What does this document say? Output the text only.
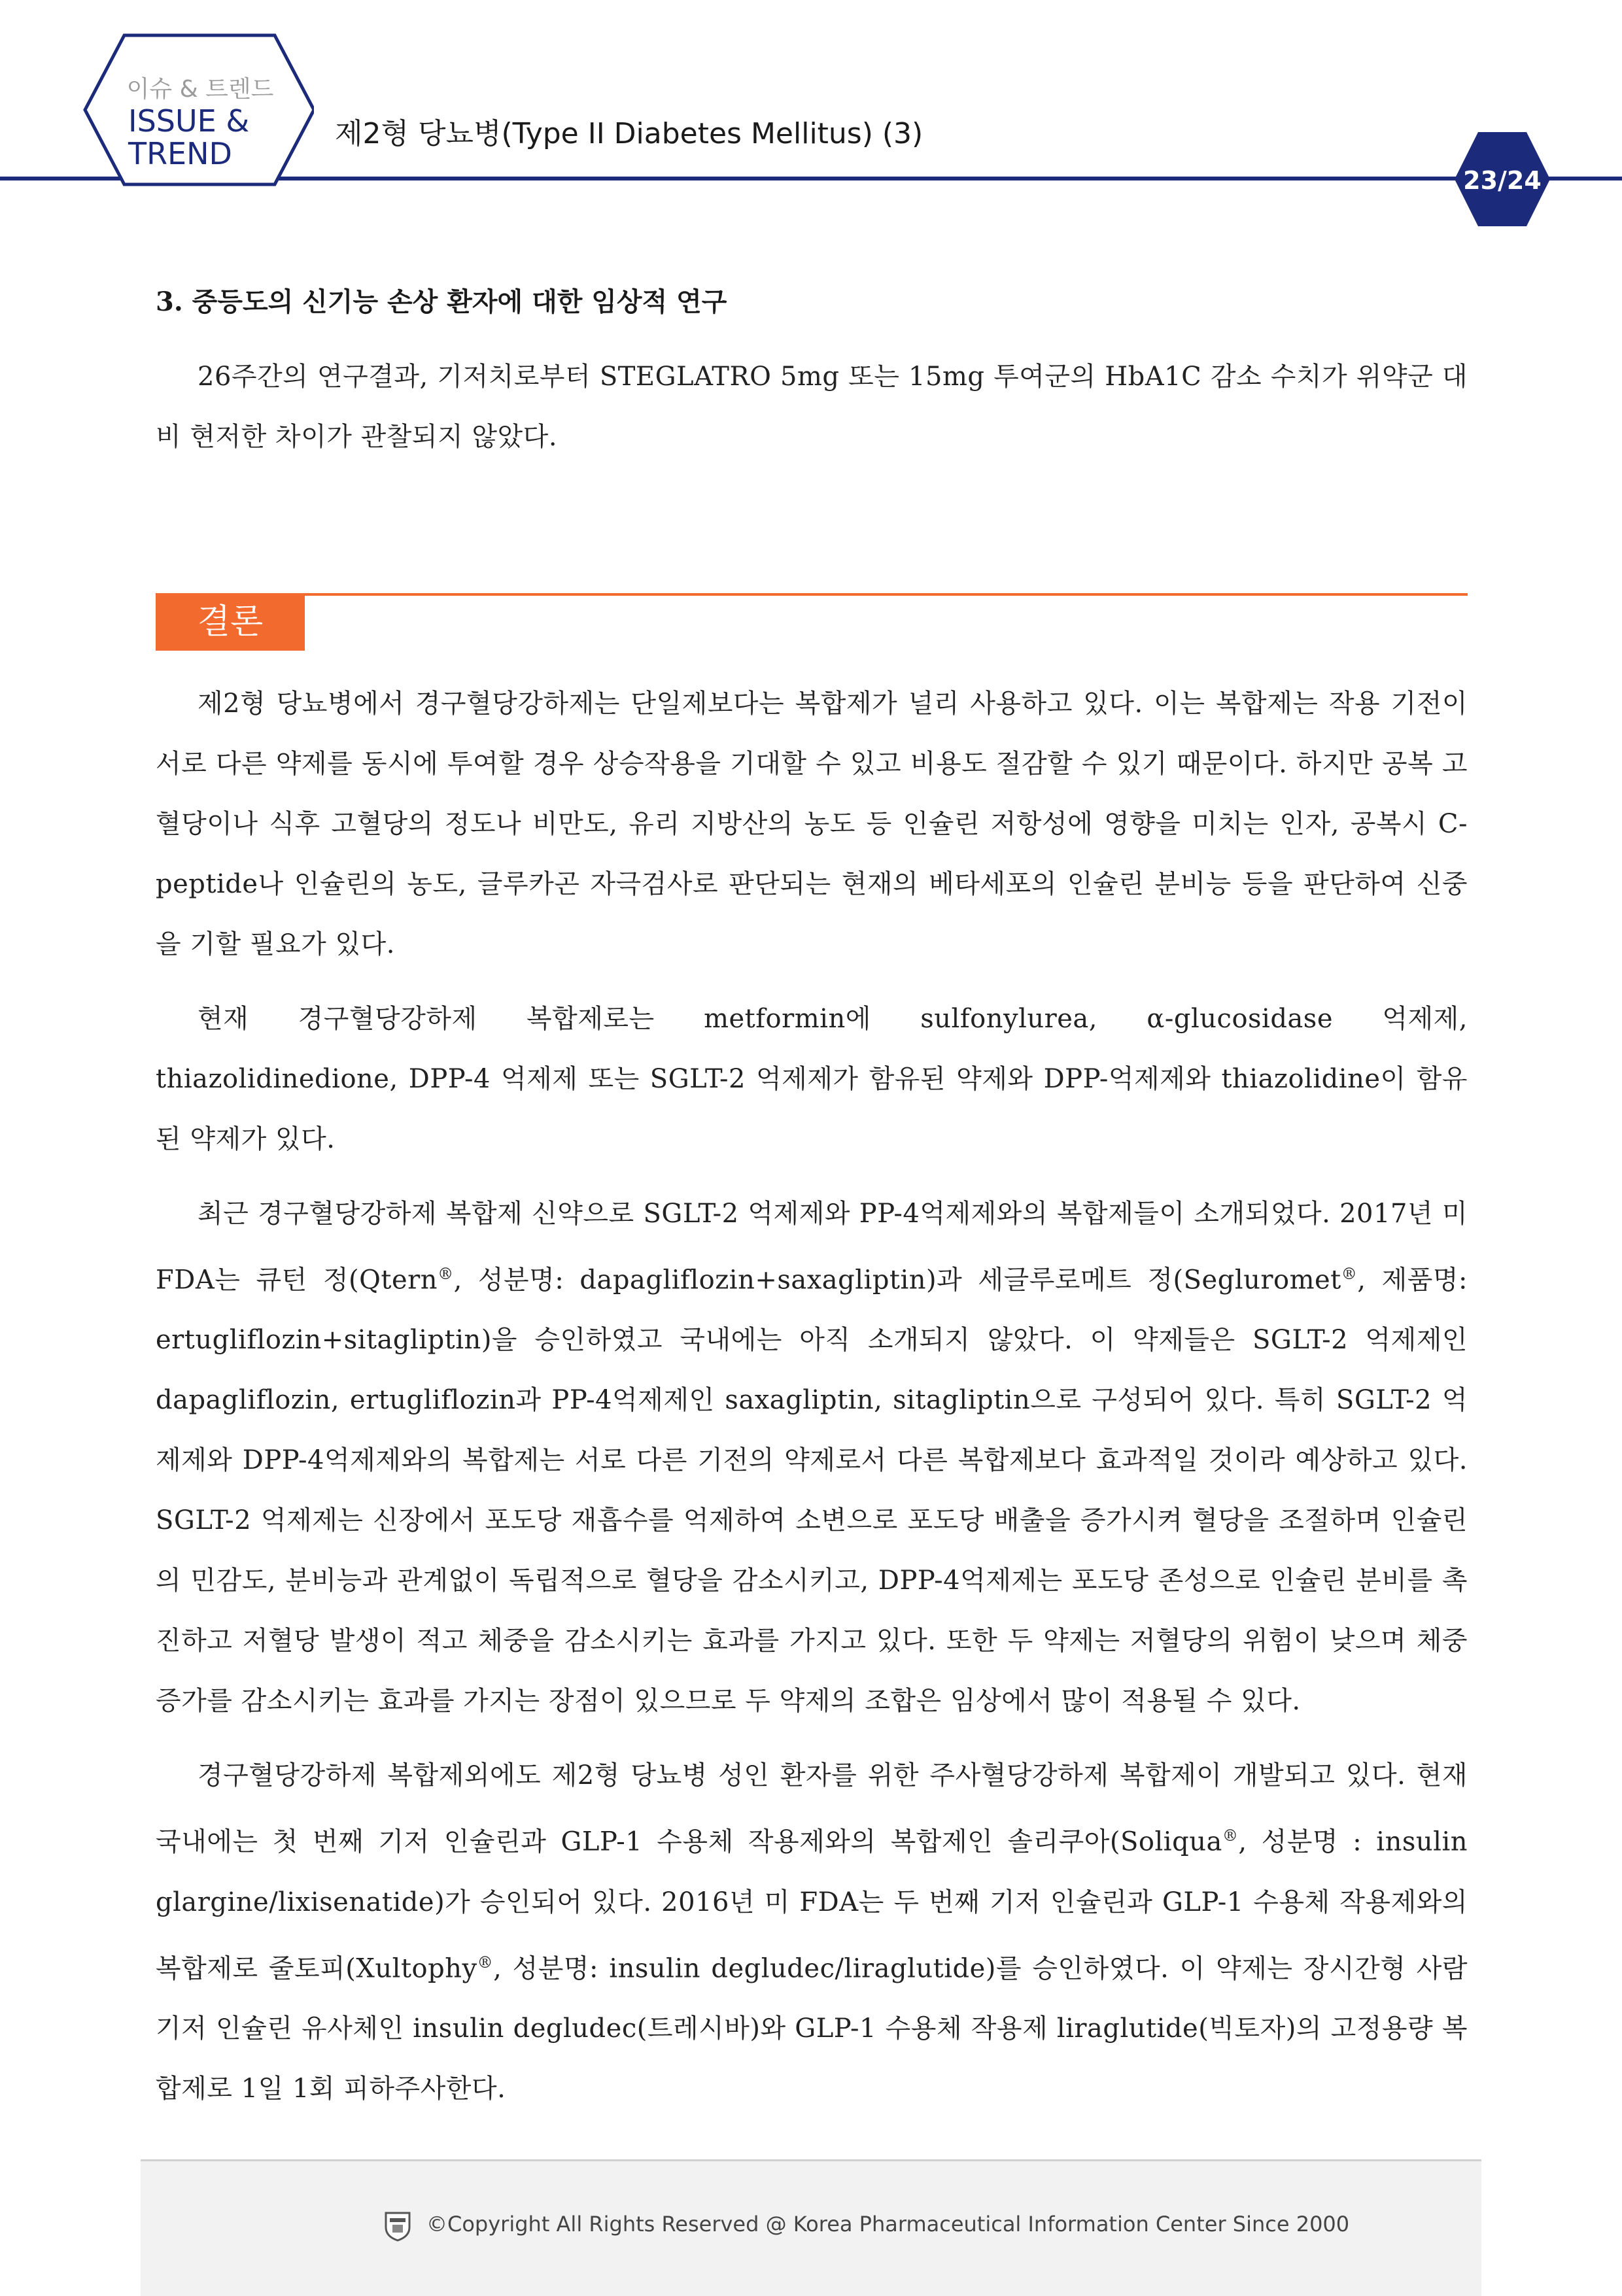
이슈 & 트렌드
ISSUE &
TREND
제2형 당뇨병(Type II Diabetes Mellitus) (3)
23/24
3. 중등도의 신기능 손상 환자에 대한 임상적 연구

26주간의 연구결과, 기저치로부터 STEGLATRO 5mg 또는 15mg 투여군의 HbA1C 감소 수치가 위약군 대비 현저한 차이가 관찰되지 않았다.

결론

제2형 당뇨병에서 경구혈당강하제는 단일제보다는 복합제가 널리 사용하고 있다. 이는 복합제는 작용 기전이 서로 다른 약제를 동시에 투여할 경우 상승작용을 기대할 수 있고 비용도 절감할 수 있기 때문이다. 하지만 공복 고혈당이나 식후 고혈당의 정도나 비만도, 유리 지방산의 농도 등 인슐린 저항성에 영향을 미치는 인자, 공복시 C-peptide나 인슐린의 농도, 글루카곤 자극검사로 판단되는 현재의 베타세포의 인슐린 분비능 등을 판단하여 신중을 기할 필요가 있다.

현재 경구혈당강하제 복합제로는 metformin에 sulfonylurea, α-glucosidase 억제제, thiazolidinedione, DPP-4 억제제 또는 SGLT-2 억제제가 함유된 약제와 DPP-억제제와 thiazolidine이 함유된 약제가 있다.

최근 경구혈당강하제 복합제 신약으로 SGLT-2 억제제와 PP-4억제제와의 복합제들이 소개되었다. 2017년 미 FDA는 큐턴 정(Qtern®, 성분명: dapagliflozin+saxagliptin)과 세글루로메트 정(Segluromet®, 제품명: ertugliflozin+sitagliptin)을 승인하였고 국내에는 아직 소개되지 않았다. 이 약제들은 SGLT-2 억제제인 dapagliflozin, ertugliflozin과 PP-4억제제인 saxagliptin, sitagliptin으로 구성되어 있다. 특히 SGLT-2 억제제와 DPP-4억제제와의 복합제는 서로 다른 기전의 약제로서 다른 복합제보다 효과적일 것이라 예상하고 있다. SGLT-2 억제제는 신장에서 포도당 재흡수를 억제하여 소변으로 포도당 배출을 증가시켜 혈당을 조절하며 인슐린의 민감도, 분비능과 관계없이 독립적으로 혈당을 감소시키고, DPP-4억제제는 포도당 존성으로 인슐린 분비를 촉진하고 저혈당 발생이 적고 체중을 감소시키는 효과를 가지고 있다. 또한 두 약제는 저혈당의 위험이 낮으며 체중 증가를 감소시키는 효과를 가지는 장점이 있으므로 두 약제의 조합은 임상에서 많이 적용될 수 있다.

경구혈당강하제 복합제외에도 제2형 당뇨병 성인 환자를 위한 주사혈당강하제 복합제이 개발되고 있다. 현재 국내에는 첫 번째 기저 인슐린과 GLP-1 수용체 작용제와의 복합제인 솔리쿠아(Soliqua®, 성분명 : insulin glargine/lixisenatide)가 승인되어 있다. 2016년 미 FDA는 두 번째 기저 인슐린과 GLP-1 수용체 작용제와의 복합제로 줄토피(Xultophy®, 성분명: insulin degludec/liraglutide)를 승인하였다. 이 약제는 장시간형 사람 기저 인슐린 유사체인 insulin degludec(트레시바)와 GLP-1 수용체 작용제 liraglutide(빅토자)의 고정용량 복합제로 1일 1회 피하주사한다.

©Copyright All Rights Reserved @ Korea Pharmaceutical Information Center Since 2000
